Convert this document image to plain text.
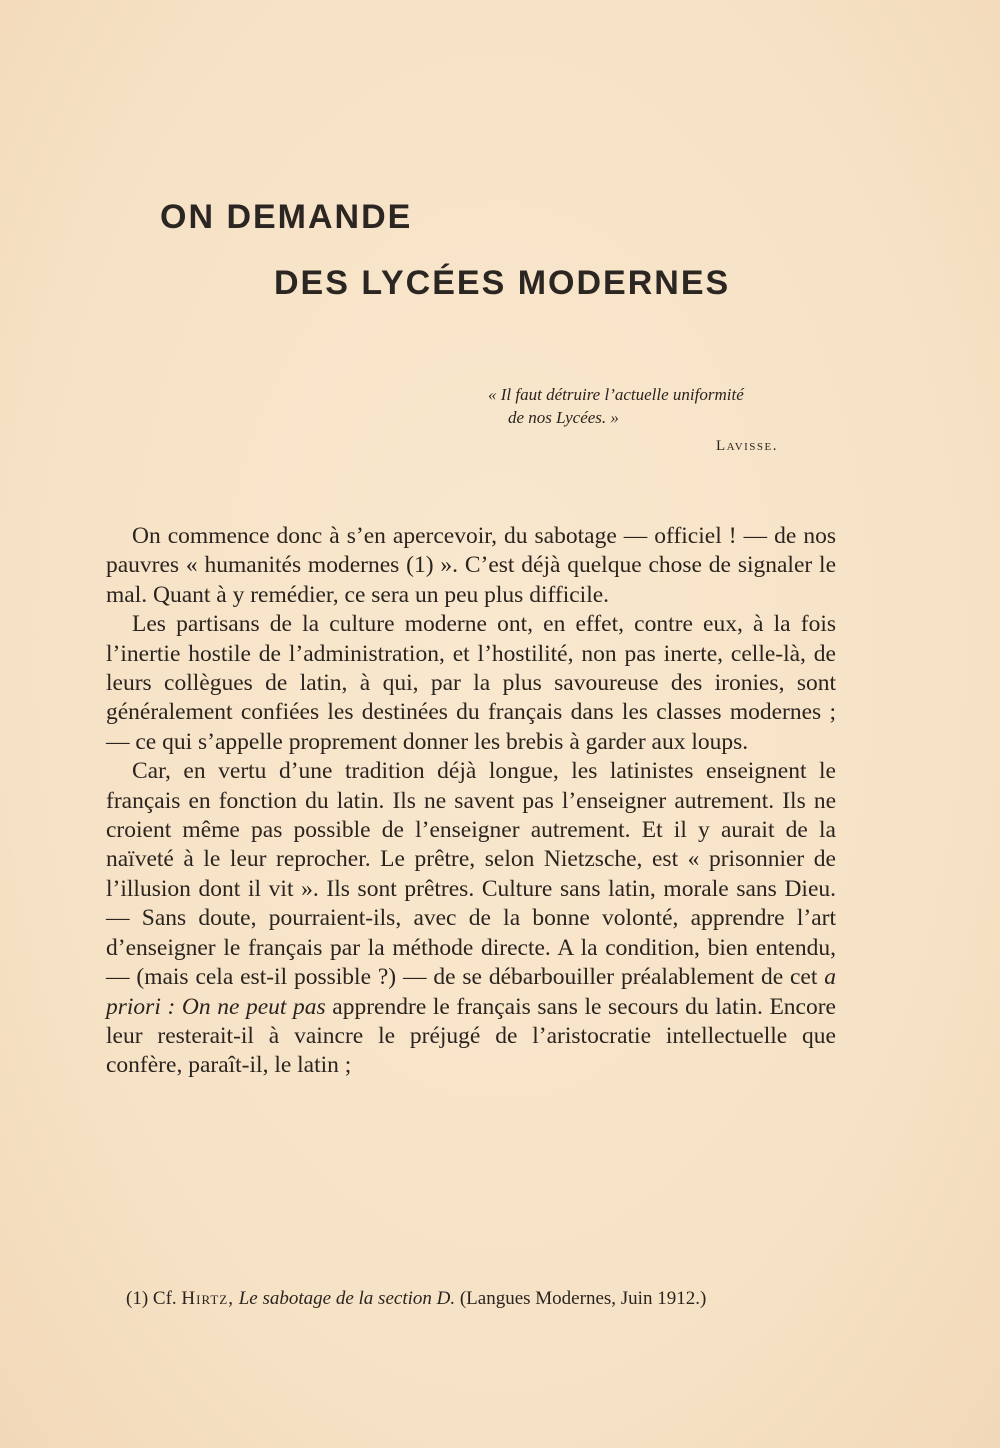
ON DEMANDE
DES LYCÉES MODERNES
« Il faut détruire l’actuelle uniformité
de nos Lycées. »
Lavisse.

On commence donc à s’en apercevoir, du sabotage — officiel ! — de nos pauvres « humanités modernes (1) ». C’est déjà quelque chose de signaler le mal. Quant à y remédier, ce sera un peu plus difficile.

Les partisans de la culture moderne ont, en effet, contre eux, à la fois l’inertie hostile de l’administration, et l’hostilité, non pas inerte, celle-là, de leurs collègues de latin, à qui, par la plus savoureuse des ironies, sont généralement confiées les destinées du français dans les classes modernes ; — ce qui s’appelle proprement donner les brebis à garder aux loups.

Car, en vertu d’une tradition déjà longue, les latinistes enseignent le français en fonction du latin. Ils ne savent pas l’enseigner autrement. Ils ne croient même pas possible de l’enseigner autrement. Et il y aurait de la naïveté à le leur reprocher. Le prêtre, selon Nietzsche, est « prisonnier de l’illusion dont il vit ». Ils sont prêtres. Culture sans latin, morale sans Dieu. — Sans doute, pourraient-ils, avec de la bonne volonté, apprendre l’art d’enseigner le français par la méthode directe. A la condition, bien entendu, — (mais cela est-il possible ?) — de se débarbouiller préalablement de cet a priori : On ne peut pas apprendre le français sans le secours du latin. Encore leur resterait-il à vaincre le préjugé de l’aristocratie intellectuelle que confère, paraît-il, le latin ;

(1) Cf. Hirtz, Le sabotage de la section D. (Langues Modernes, Juin 1912.)
